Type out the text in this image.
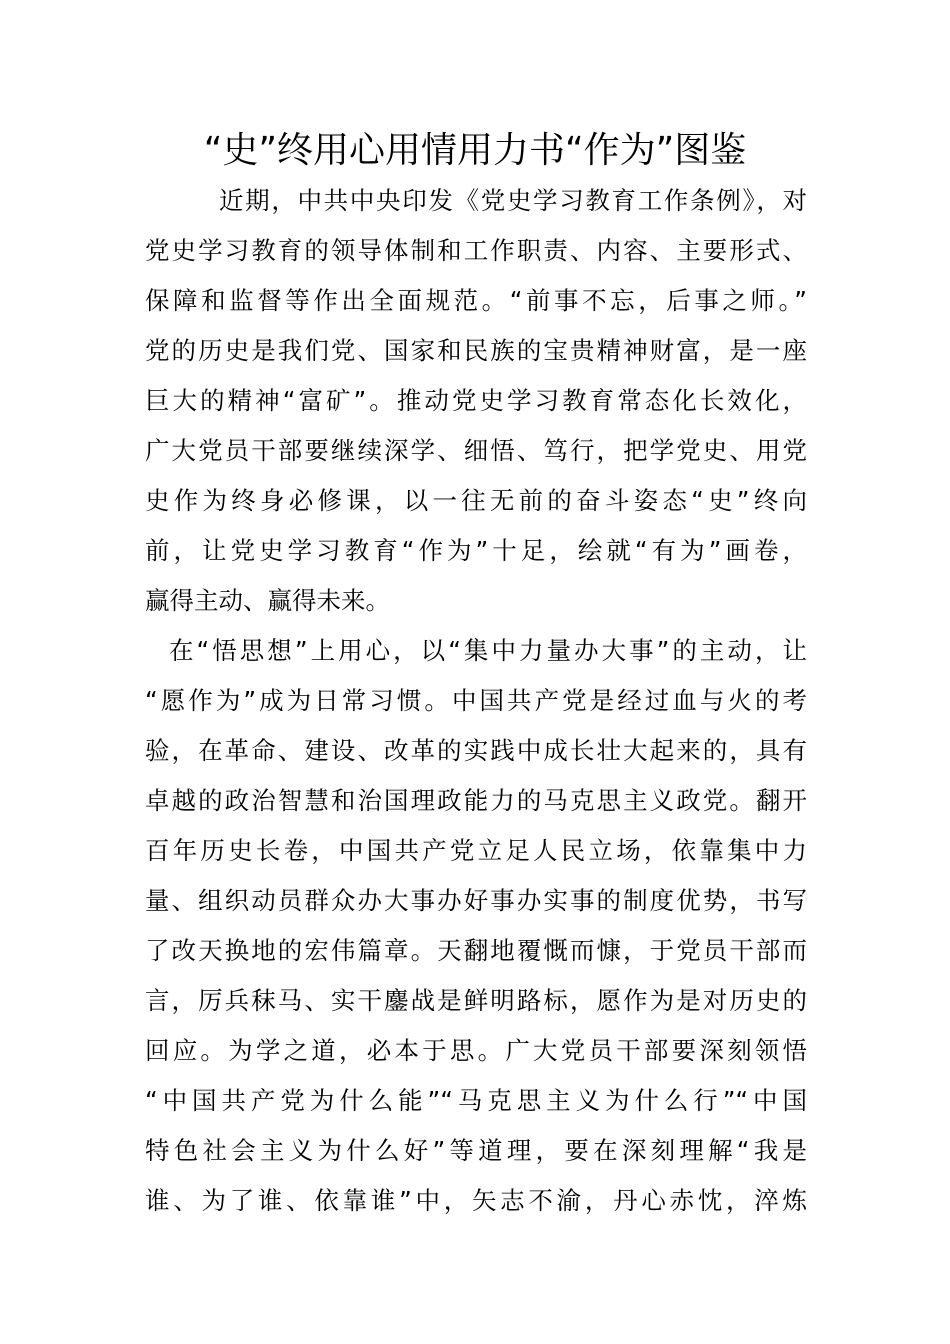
“史”终用心用情用力书“作为”图鉴
近期，中共中央印发《党史学习教育工作条例》，对
党史学习教育的领导体制和工作职责、内容、主要形式、
保障和监督等作出全面规范。“前事不忘，后事之师。”
党的历史是我们党、国家和民族的宝贵精神财富，是一座
巨大的精神“富矿”。推动党史学习教育常态化长效化，
广大党员干部要继续深学、细悟、笃行，把学党史、用党
史作为终身必修课，以一往无前的奋斗姿态“史”终向
前，让党史学习教育“作为”十足，绘就“有为”画卷，
赢得主动、赢得未来。
在“悟思想”上用心，以“集中力量办大事”的主动，让
“愿作为”成为日常习惯。中国共产党是经过血与火的考
验，在革命、建设、改革的实践中成长壮大起来的，具有
卓越的政治智慧和治国理政能力的马克思主义政党。翻开
百年历史长卷，中国共产党立足人民立场，依靠集中力
量、组织动员群众办大事办好事办实事的制度优势，书写
了改天换地的宏伟篇章。天翻地覆慨而慷，于党员干部而
言，厉兵秣马、实干鏖战是鲜明路标，愿作为是对历史的
回应。为学之道，必本于思。广大党员干部要深刻领悟
“中国共产党为什么能”“马克思主义为什么行”“中国
特色社会主义为什么好”等道理，要在深刻理解“我是
谁、为了谁、依靠谁”中，矢志不渝，丹心赤忱，淬炼
